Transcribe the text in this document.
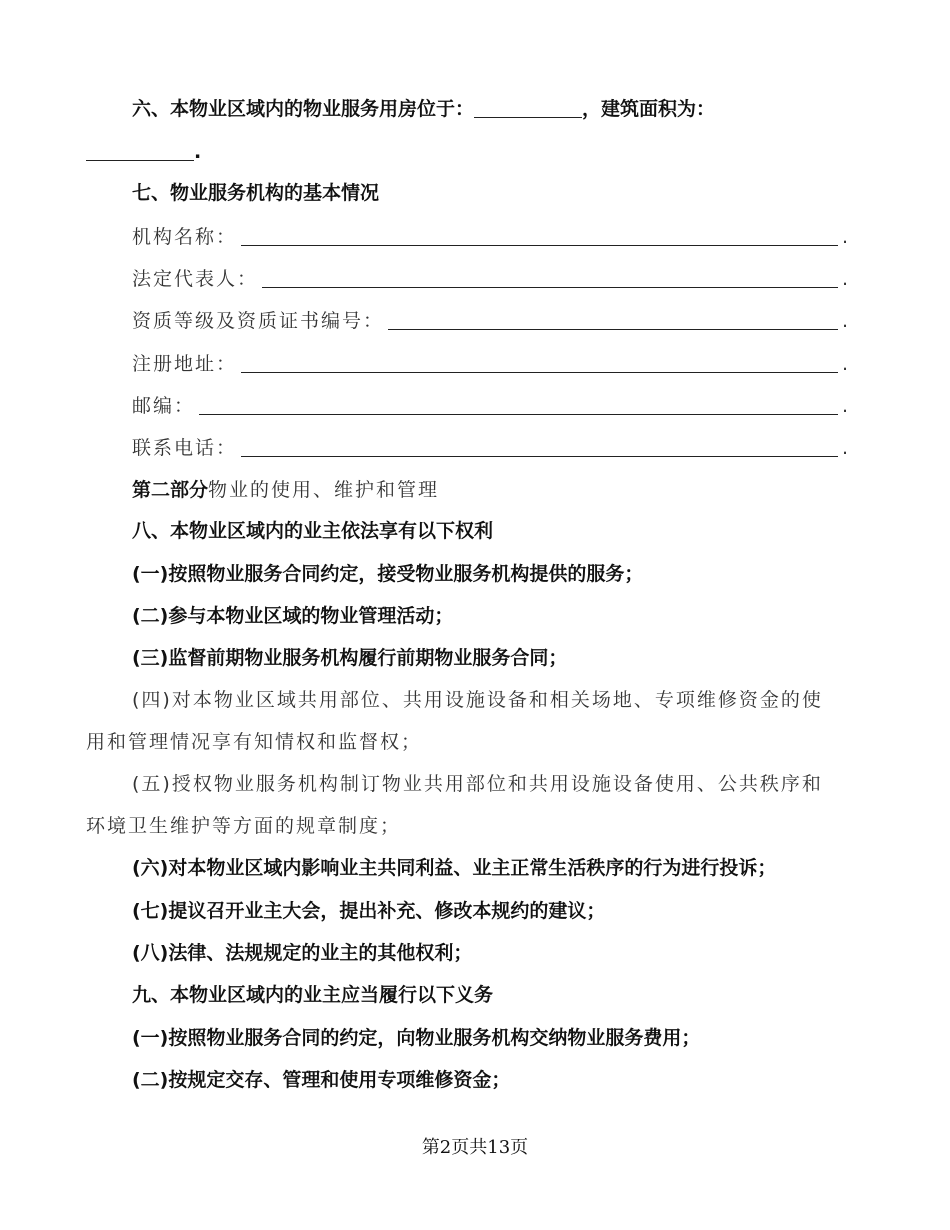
六、本物业区域内的物业服务用房位于：	，建筑面积为：
.
七、物业服务机构的基本情况
机构名称：	.
法定代表人：	.
资质等级及资质证书编号：	.
注册地址：	.
邮编：	.
联系电话：	.
第二部分物业的使用、维护和管理
八、本物业区域内的业主依法享有以下权利
(一)按照物业服务合同约定，接受物业服务机构提供的服务；
(二)参与本物业区域的物业管理活动；
(三)监督前期物业服务机构履行前期物业服务合同；
(四)对本物业区域共用部位、共用设施设备和相关场地、专项维修资金的使
用和管理情况享有知情权和监督权；
(五)授权物业服务机构制订物业共用部位和共用设施设备使用、公共秩序和
环境卫生维护等方面的规章制度；
(六)对本物业区域内影响业主共同利益、业主正常生活秩序的行为进行投诉；
(七)提议召开业主大会，提出补充、修改本规约的建议；
(八)法律、法规规定的业主的其他权利；
九、本物业区域内的业主应当履行以下义务
(一)按照物业服务合同的约定，向物业服务机构交纳物业服务费用；
(二)按规定交存、管理和使用专项维修资金；
第2页共13页
